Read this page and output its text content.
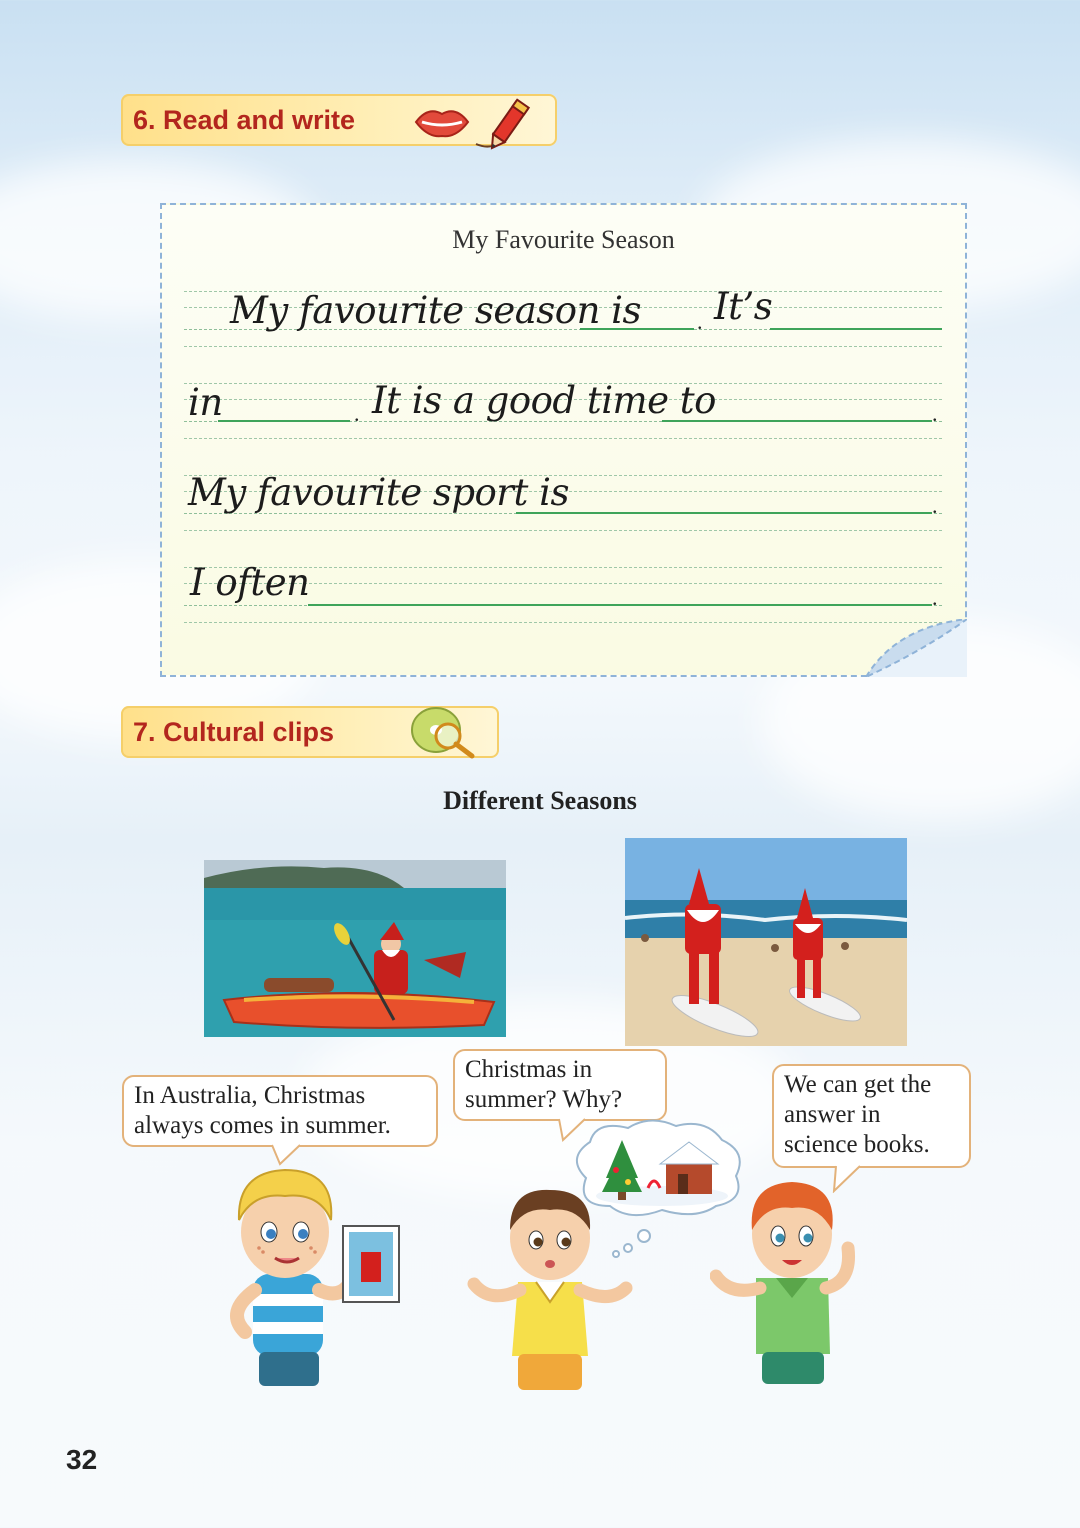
6. Read and write
My Favourite Season
My favourite season is	. It’s
in	. It is a good time to	.
My favourite sport is	.
I often	.
7. Cultural clips
Different Seasons
In Australia, Christmas
always comes in summer.
Christmas in
summer? Why?
We can get the
answer in
science books.
32
